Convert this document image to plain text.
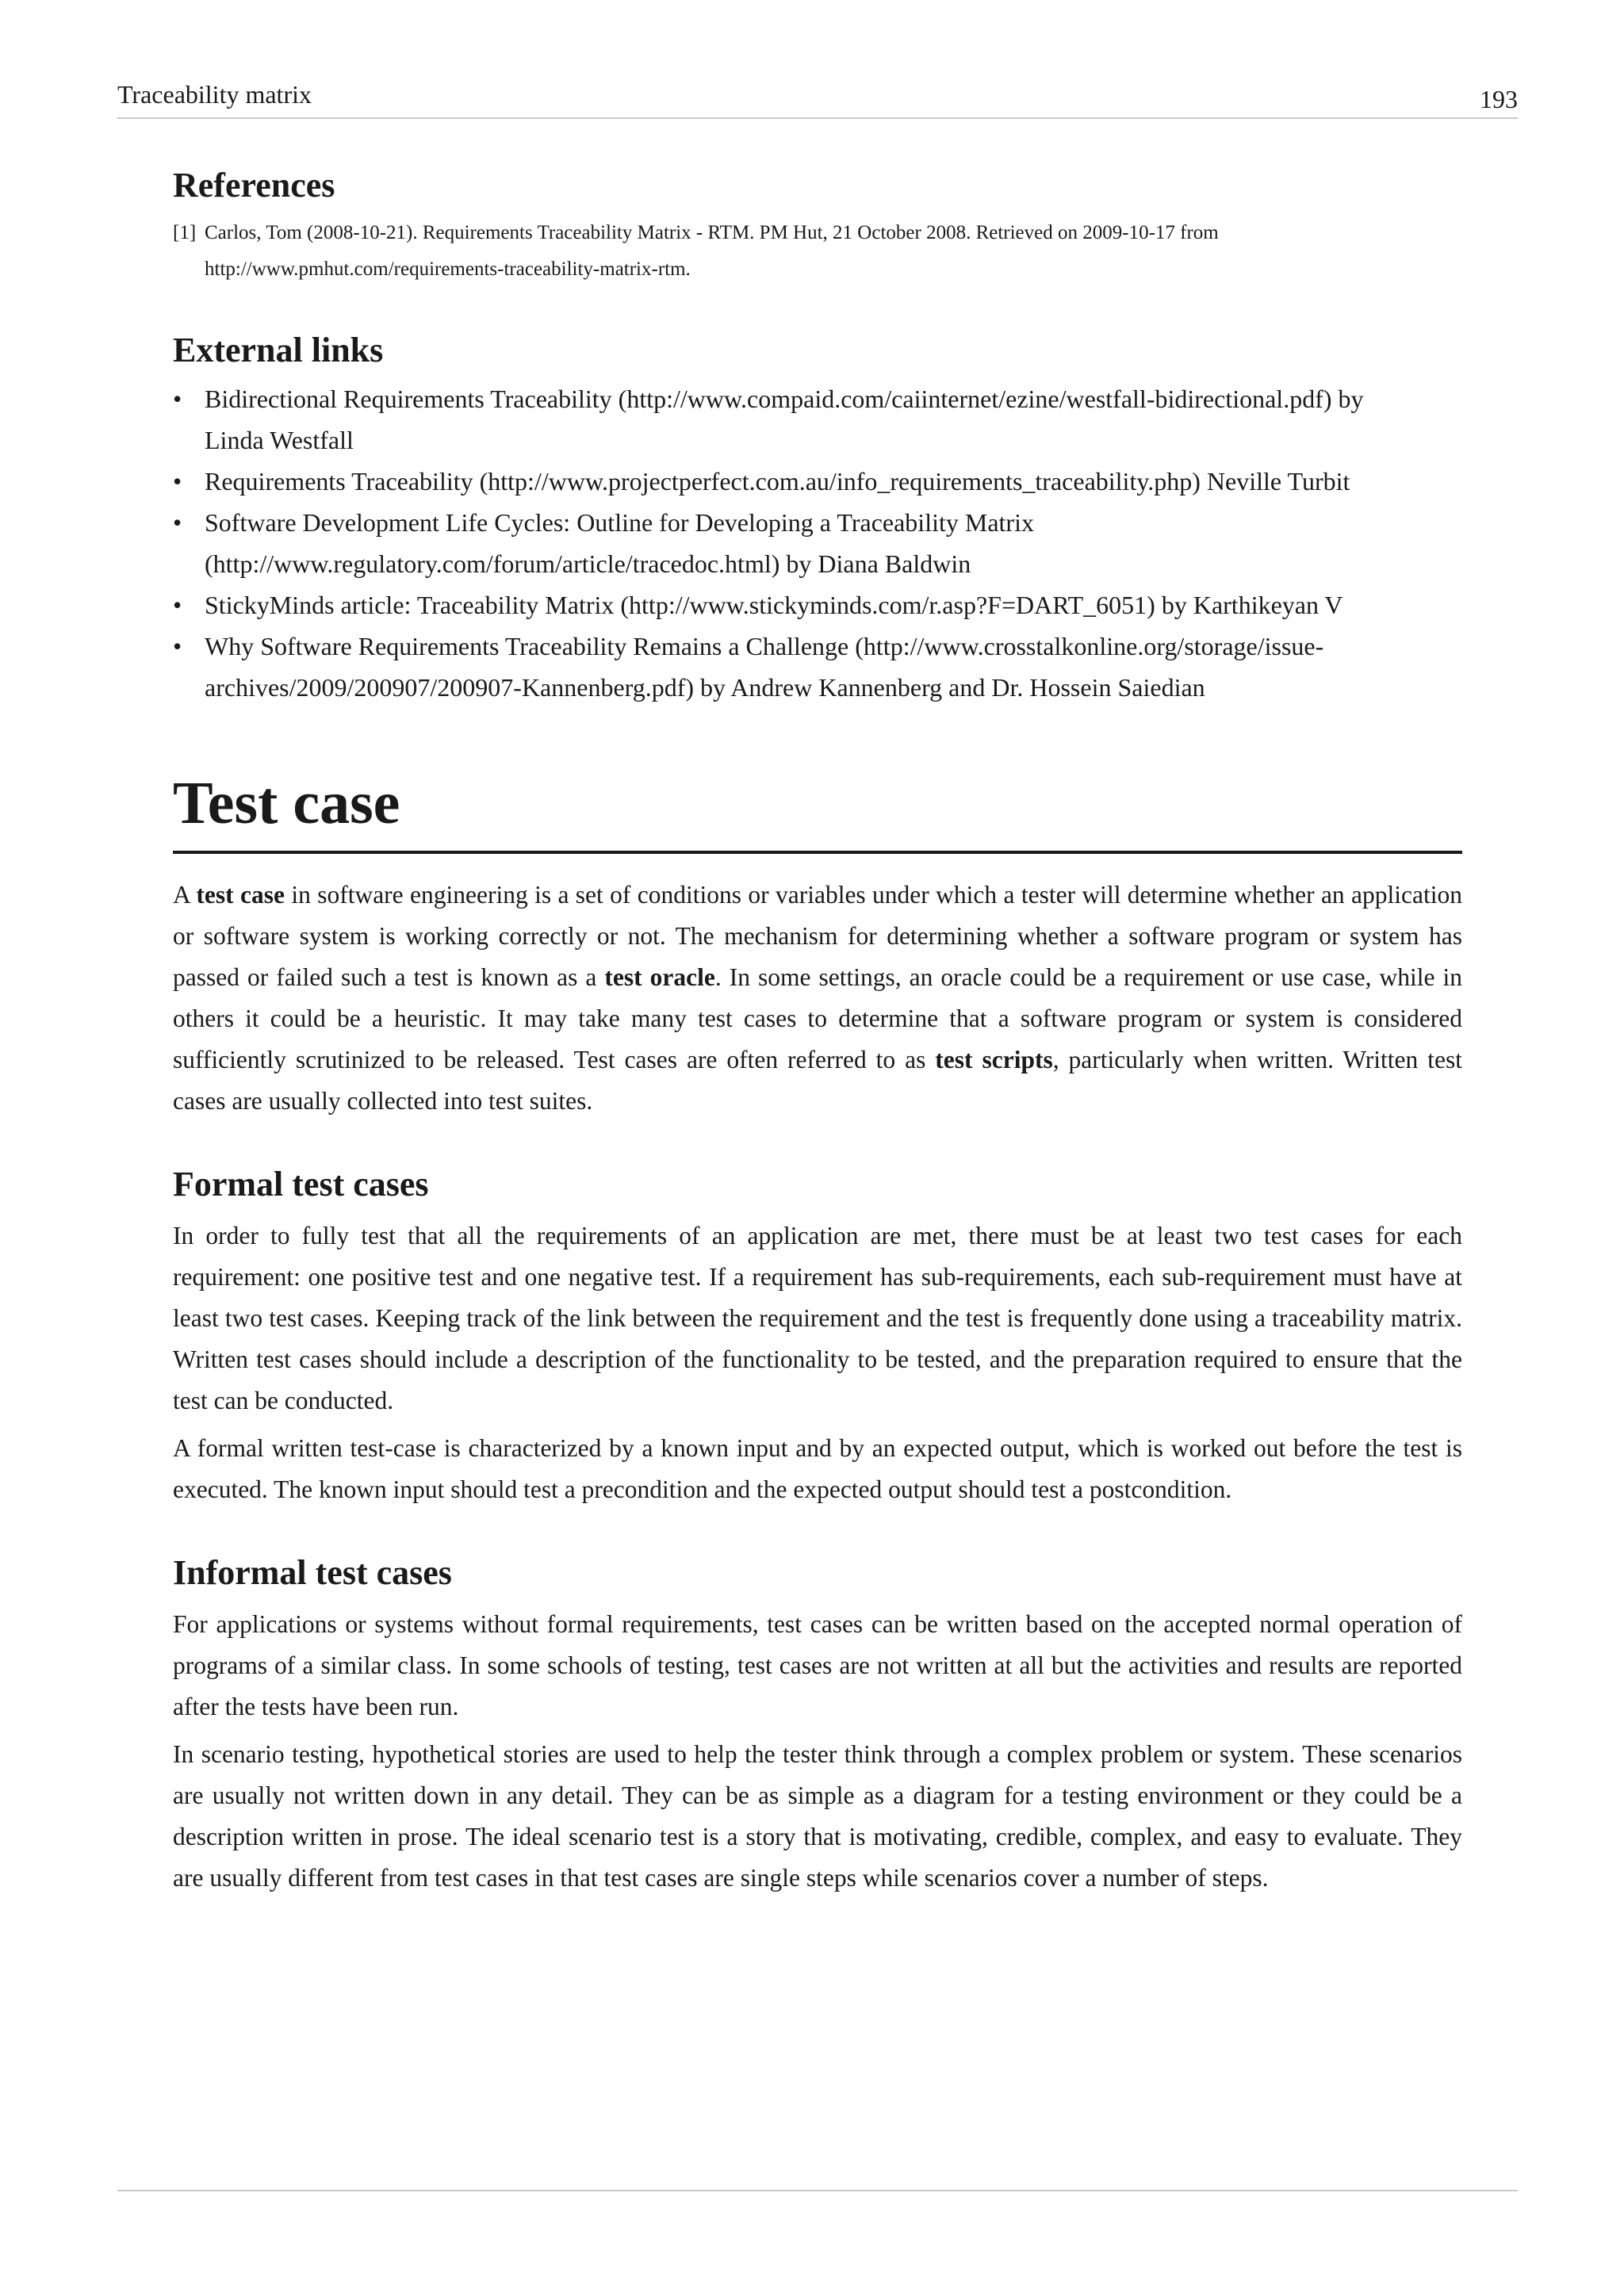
Traceability matrix	193
References
[1] Carlos, Tom (2008-10-21). Requirements Traceability Matrix - RTM. PM Hut, 21 October 2008. Retrieved on 2009-10-17 from http://www.pmhut.com/requirements-traceability-matrix-rtm.
External links
• Bidirectional Requirements Traceability (http://www.compaid.com/caiinternet/ezine/westfall-bidirectional.pdf) by Linda Westfall
• Requirements Traceability (http://www.projectperfect.com.au/info_requirements_traceability.php) Neville Turbit
• Software Development Life Cycles: Outline for Developing a Traceability Matrix (http://www.regulatory.com/forum/article/tracedoc.html) by Diana Baldwin
• StickyMinds article: Traceability Matrix (http://www.stickyminds.com/r.asp?F=DART_6051) by Karthikeyan V
• Why Software Requirements Traceability Remains a Challenge (http://www.crosstalkonline.org/storage/issue-archives/2009/200907/200907-Kannenberg.pdf) by Andrew Kannenberg and Dr. Hossein Saiedian
Test case

A test case in software engineering is a set of conditions or variables under which a tester will determine whether an application or software system is working correctly or not. The mechanism for determining whether a software program or system has passed or failed such a test is known as a test oracle. In some settings, an oracle could be a requirement or use case, while in others it could be a heuristic. It may take many test cases to determine that a software program or system is considered sufficiently scrutinized to be released. Test cases are often referred to as test scripts, particularly when written. Written test cases are usually collected into test suites.

Formal test cases

In order to fully test that all the requirements of an application are met, there must be at least two test cases for each requirement: one positive test and one negative test. If a requirement has sub-requirements, each sub-requirement must have at least two test cases. Keeping track of the link between the requirement and the test is frequently done using a traceability matrix. Written test cases should include a description of the functionality to be tested, and the preparation required to ensure that the test can be conducted.

A formal written test-case is characterized by a known input and by an expected output, which is worked out before the test is executed. The known input should test a precondition and the expected output should test a postcondition.

Informal test cases

For applications or systems without formal requirements, test cases can be written based on the accepted normal operation of programs of a similar class. In some schools of testing, test cases are not written at all but the activities and results are reported after the tests have been run.

In scenario testing, hypothetical stories are used to help the tester think through a complex problem or system. These scenarios are usually not written down in any detail. They can be as simple as a diagram for a testing environment or they could be a description written in prose. The ideal scenario test is a story that is motivating, credible, complex, and easy to evaluate. They are usually different from test cases in that test cases are single steps while scenarios cover a number of steps.
